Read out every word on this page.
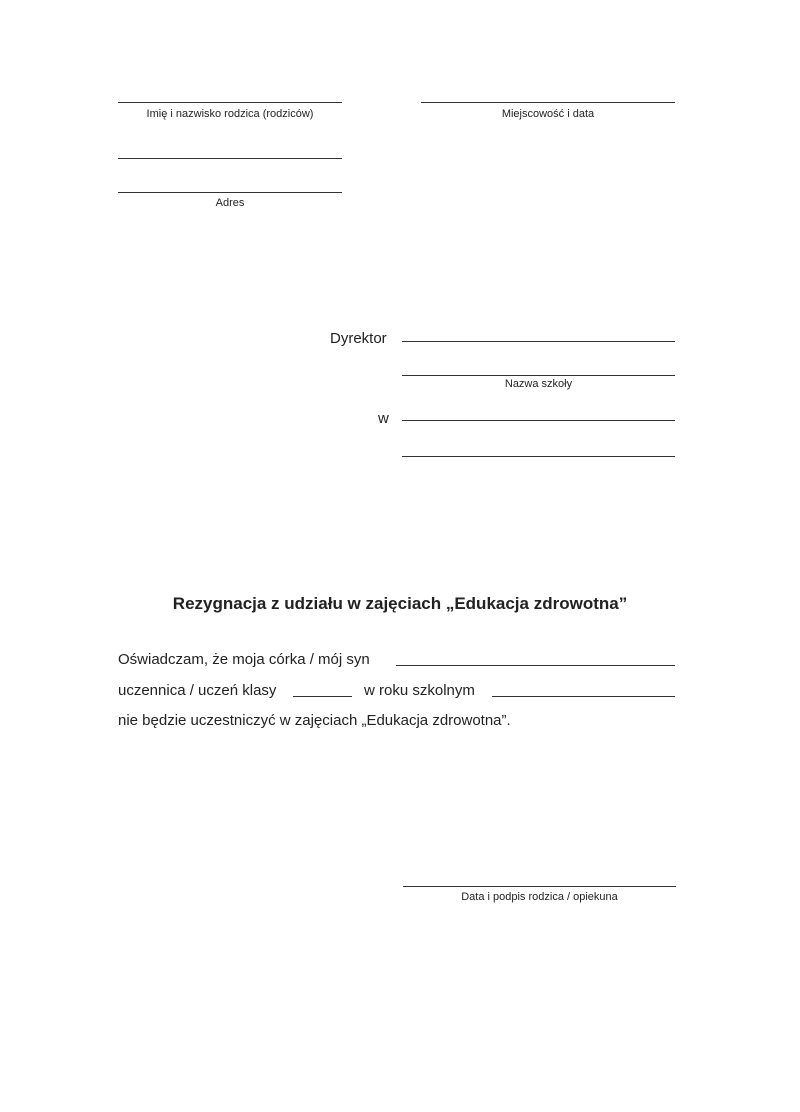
Imię i nazwisko rodzica (rodziców)	Miejscowość i data
Adres
Dyrektor
Nazwa szkoły
w
Rezygnacja z udziału w zajęciach „Edukacja zdrowotna”
Oświadczam, że moja córka / mój syn
uczennica / uczeń klasy	w roku szkolnym
nie będzie uczestniczyć w zajęciach „Edukacja zdrowotna”.
Data i podpis rodzica / opiekuna
